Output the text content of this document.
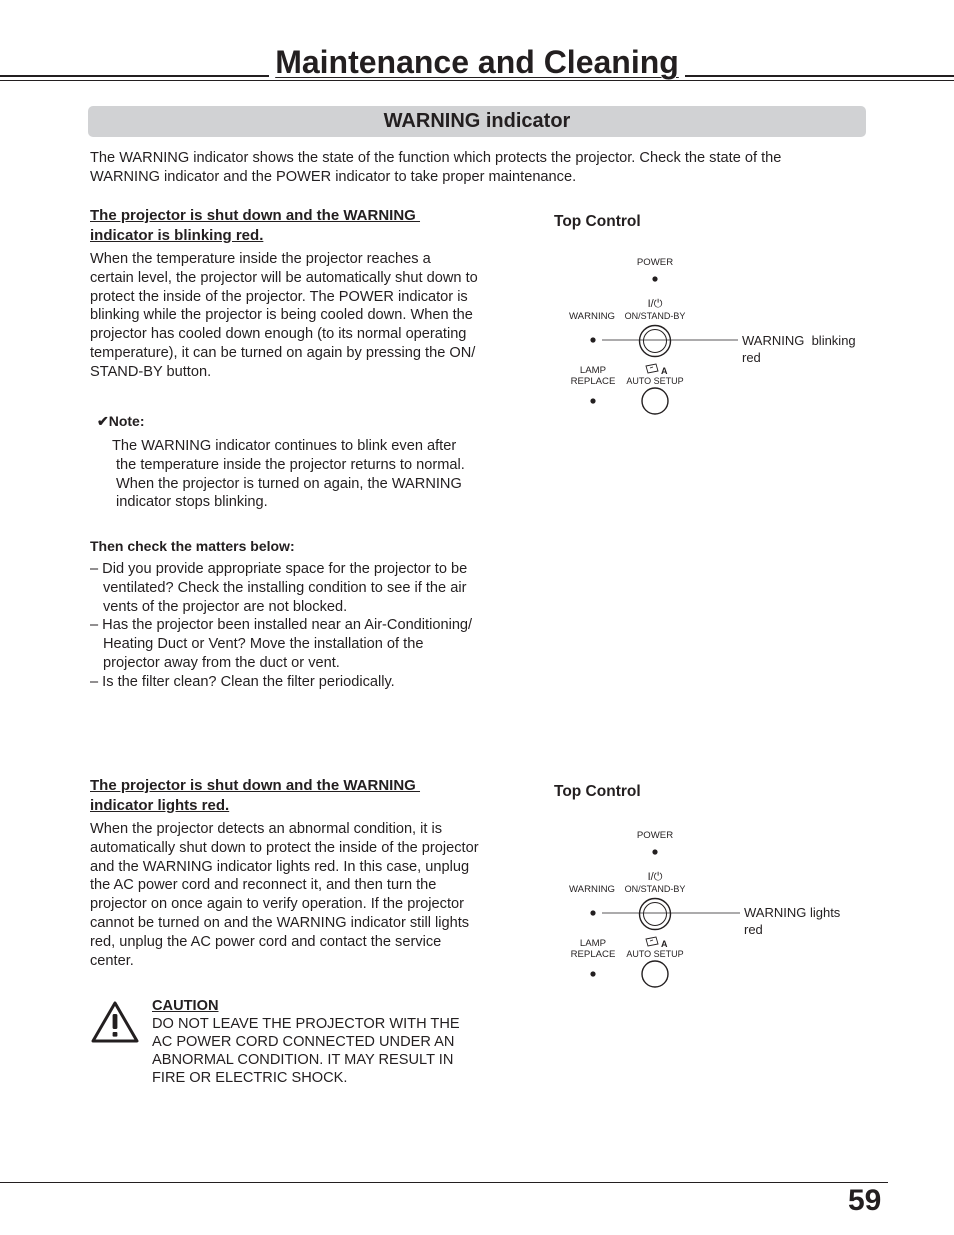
Maintenance and Cleaning
WARNING indicator
The WARNING indicator shows the state of the function which protects the projector. Check the state of the WARNING indicator and the POWER indicator to take proper maintenance.
The projector is shut down and the WARNING
indicator is blinking red.
When the temperature inside the projector reaches a
certain level, the projector will be automatically shut down to
protect the inside of the projector. The POWER indicator is
blinking while the projector is being cooled down. When the
projector has cooled down enough (to its normal operating
temperature), it can be turned on again by pressing the ON/
STAND-BY button.
✔Note:
The WARNING indicator continues to blink even after
the temperature inside the projector returns to normal.
When the projector is turned on again, the WARNING
indicator stops blinking.
Then check the matters below:
– Did you provide appropriate space for the projector to be
ventilated? Check the installing condition to see if the air
vents of the projector are not blocked.
– Has the projector been installed near an Air-Conditioning/
Heating Duct or Vent? Move the installation of the
projector away from the duct or vent.
– Is the filter clean? Clean the filter periodically.
Top Control
POWER
I/⏻
ON/STAND-BY
WARNING
LAMP
REPLACE
A
AUTO SETUP
WARNING  blinking
red
The projector is shut down and the WARNING
indicator lights red.
When the projector detects an abnormal condition, it is
automatically shut down to protect the inside of the projector
and the WARNING indicator lights red. In this case, unplug
the AC power cord and reconnect it, and then turn the
projector on once again to verify operation. If the projector
cannot be turned on and the WARNING indicator still lights
red, unplug the AC power cord and contact the service
center.
CAUTION
DO NOT LEAVE THE PROJECTOR WITH THE
AC POWER CORD CONNECTED UNDER AN
ABNORMAL CONDITION. IT MAY RESULT IN
FIRE OR ELECTRIC SHOCK.
Top Control
POWER
I/⏻
ON/STAND-BY
WARNING
LAMP
REPLACE
A
AUTO SETUP
WARNING lights
red
59
